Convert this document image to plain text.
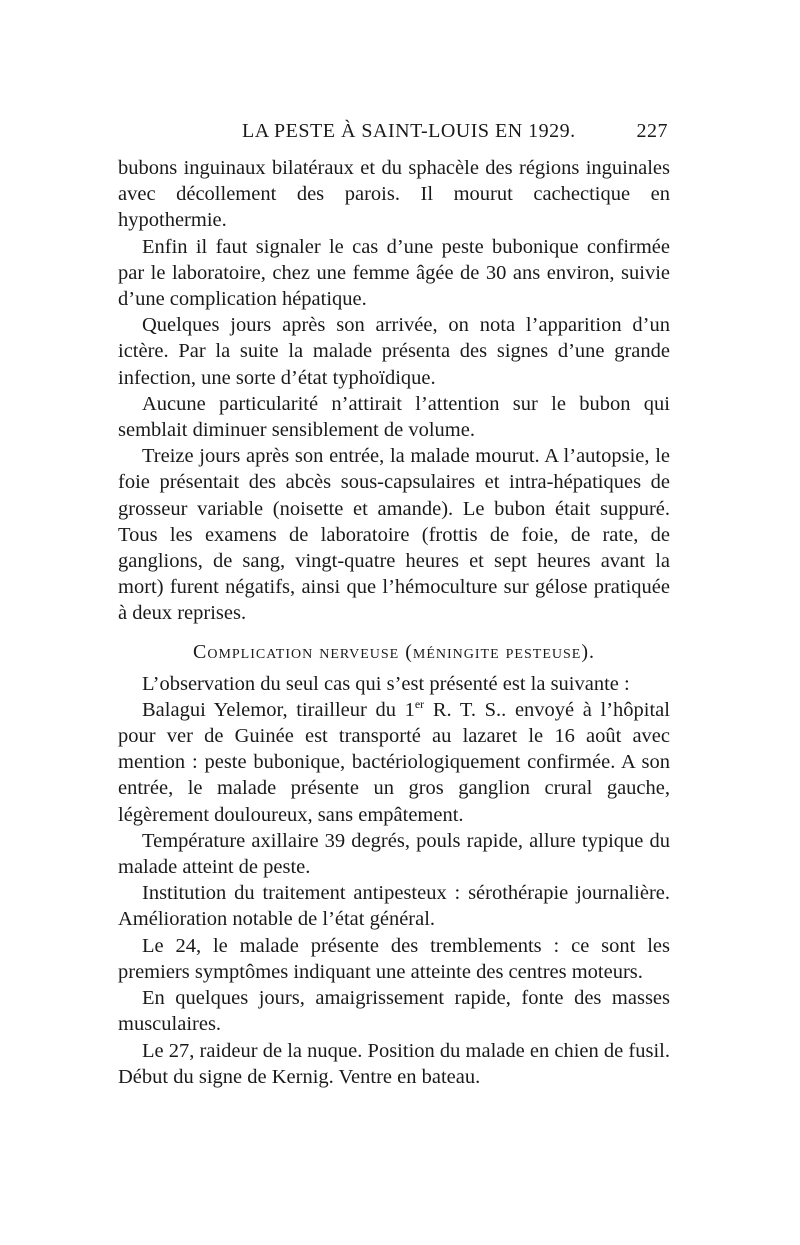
LA PESTE À SAINT-LOUIS EN 1929.	227

bubons inguinaux bilatéraux et du sphacèle des régions inguinales avec décollement des parois. Il mourut cachectique en hypothermie.

Enfin il faut signaler le cas d’une peste bubonique confirmée par le laboratoire, chez une femme âgée de 30 ans environ, suivie d’une complication hépatique.

Quelques jours après son arrivée, on nota l’apparition d’un ictère. Par la suite la malade présenta des signes d’une grande infection, une sorte d’état typhoïdique.

Aucune particularité n’attirait l’attention sur le bubon qui semblait diminuer sensiblement de volume.

Treize jours après son entrée, la malade mourut. A l’autopsie, le foie présentait des abcès sous-capsulaires et intra-hépatiques de grosseur variable (noisette et amande). Le bubon était suppuré. Tous les examens de laboratoire (frottis de foie, de rate, de ganglions, de sang, vingt-quatre heures et sept heures avant la mort) furent négatifs, ainsi que l’hémoculture sur gélose pratiquée à deux reprises.

Complication nerveuse (méningite pesteuse).

L’observation du seul cas qui s’est présenté est la suivante :

Balagui Yelemor, tirailleur du 1er R. T. S.. envoyé à l’hôpital pour ver de Guinée est transporté au lazaret le 16 août avec mention : peste bubonique, bactériologiquement confirmée. A son entrée, le malade présente un gros ganglion crural gauche, légèrement douloureux, sans empâtement.

Température axillaire 39 degrés, pouls rapide, allure typique du malade atteint de peste.

Institution du traitement antipesteux : sérothérapie journalière. Amélioration notable de l’état général.

Le 24, le malade présente des tremblements : ce sont les premiers symptômes indiquant une atteinte des centres moteurs.

En quelques jours, amaigrissement rapide, fonte des masses musculaires.

Le 27, raideur de la nuque. Position du malade en chien de fusil. Début du signe de Kernig. Ventre en bateau.
